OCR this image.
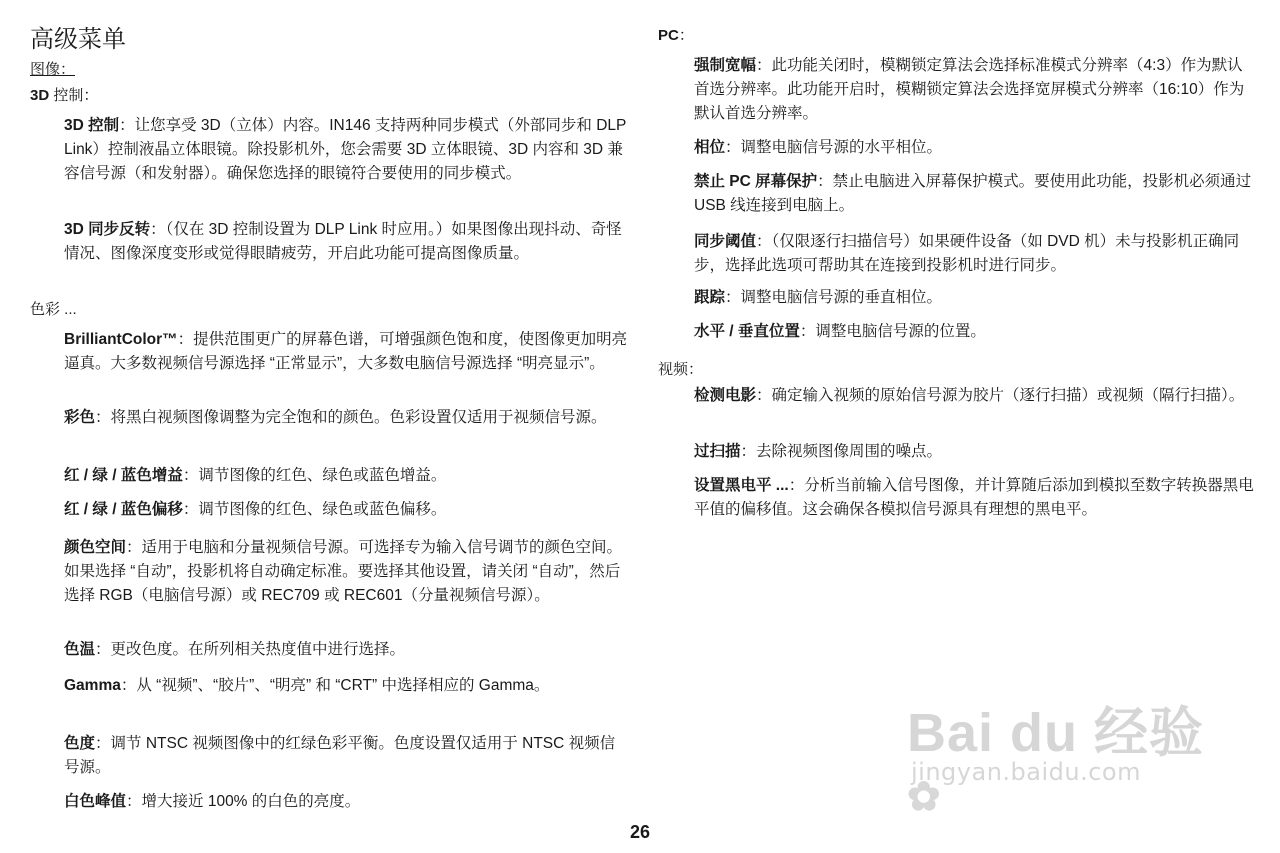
高级菜单
图像：
3D 控制：

3D 控制：让您享受 3D（立体）内容。IN146 支持两种同步模式（外部同步和 DLP Link）控制液晶立体眼镜。除投影机外，您会需要 3D 立体眼镜、3D 内容和 3D 兼容信号源（和发射器）。确保您选择的眼镜符合要使用的同步模式。

3D 同步反转：（仅在 3D 控制设置为 DLP Link 时应用。）如果图像出现抖动、奇怪情况、图像深度变形或觉得眼睛疲劳，开启此功能可提高图像质量。

色彩 ...

BrilliantColor™：提供范围更广的屏幕色谱，可增强颜色饱和度，使图像更加明亮逼真。大多数视频信号源选择 “正常显示”，大多数电脑信号源选择 “明亮显示”。

彩色：将黑白视频图像调整为完全饱和的颜色。色彩设置仅适用于视频信号源。

红 / 绿 / 蓝色增益：调节图像的红色、绿色或蓝色增益。

红 / 绿 / 蓝色偏移：调节图像的红色、绿色或蓝色偏移。

颜色空间：适用于电脑和分量视频信号源。可选择专为输入信号调节的颜色空间。如果选择 “自动”，投影机将自动确定标准。要选择其他设置，请关闭 “自动”，然后选择 RGB（电脑信号源）或 REC709 或 REC601（分量视频信号源）。

色温：更改色度。在所列相关热度值中进行选择。

Gamma：从 “视频”、“胶片”、“明亮” 和 “CRT” 中选择相应的 Gamma。

色度：调节 NTSC 视频图像中的红绿色彩平衡。色度设置仅适用于 NTSC 视频信号源。

白色峰值：增大接近 100% 的白色的亮度。

PC：

强制宽幅：此功能关闭时，模糊锁定算法会选择标准模式分辨率（4:3）作为默认首选分辨率。此功能开启时，模糊锁定算法会选择宽屏模式分辨率（16:10）作为默认首选分辨率。

相位：调整电脑信号源的水平相位。

禁止 PC 屏幕保护：禁止电脑进入屏幕保护模式。要使用此功能，投影机必须通过 USB 线连接到电脑上。

同步阈值：（仅限逐行扫描信号）如果硬件设备（如 DVD 机）未与投影机正确同步，选择此选项可帮助其在连接到投影机时进行同步。

跟踪：调整电脑信号源的垂直相位。

水平 / 垂直位置：调整电脑信号源的位置。

视频：

检测电影：确定输入视频的原始信号源为胶片（逐行扫描）或视频（隔行扫描）。

过扫描：去除视频图像周围的噪点。

设置黑电平 ...：分析当前输入信号图像，并计算随后添加到模拟至数字转换器黑电平值的偏移值。这会确保各模拟信号源具有理想的黑电平。

26
Bai du 经验 ✿
jingyan.baidu.com
